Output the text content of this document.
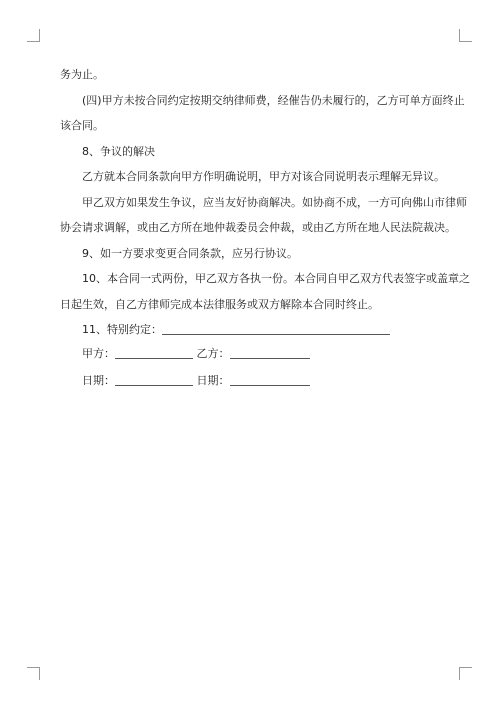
务为止。

(四)甲方未按合同约定按期交纳律师费，经催告仍未履行的，乙方可单方面终止
该合同。

8、争议的解决

乙方就本合同条款向甲方作明确说明，甲方对该合同说明表示理解无异议。

甲乙双方如果发生争议，应当友好协商解决。如协商不成，一方可向佛山市律师
协会请求调解，或由乙方所在地仲裁委员会仲裁，或由乙方所在地人民法院裁决。

9、如一方要求变更合同条款，应另行协议。

10、本合同一式两份，甲乙双方各执一份。本合同自甲乙双方代表签字或盖章之
日起生效，自乙方律师完成本法律服务或双方解除本合同时终止。

11、特别约定：
甲方：	乙方：
日期：	日期：
